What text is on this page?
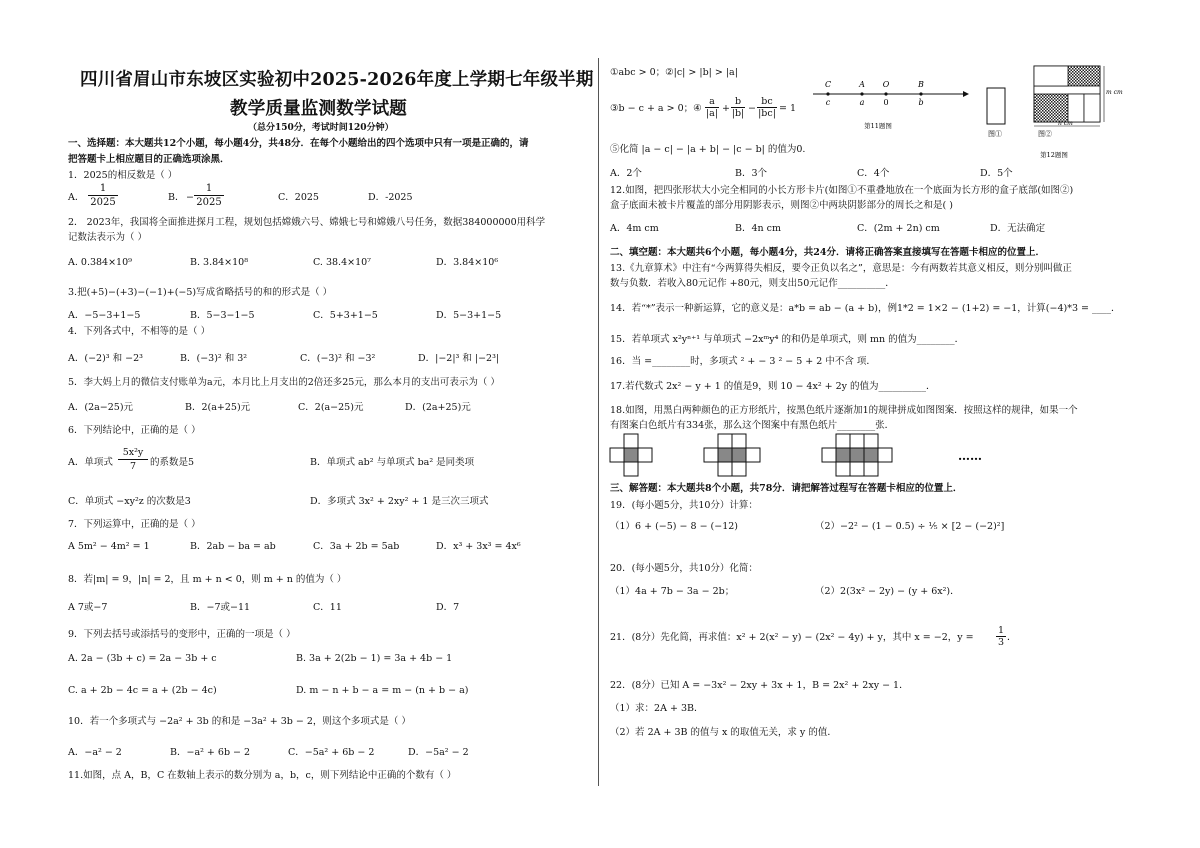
四川省眉山市东坡区实验初中2025-2026年度上学期七年级半期
教学质量监测数学试题
（总分150分，考试时间120分钟）
一、选择题：本大题共12个小题，每小题4分，共48分．在每个小题给出的四个选项中只有一项是正确的，请
把答题卡上相应题目的正确选项涂黑．
1．2025的相反数是（ ）
A． $\frac{1}{2025}$	B． − $\frac{1}{2025}$	C．2025	D．-2025
2． 2023年，我国将全面推进探月工程，规划包括嫦娥六号、嫦娥七号和嫦娥八号任务，数据384000000用科学
记数法表示为（ ）
A. 0.384×10⁹	B. 3.84×10⁸	C. 38.4×10⁷	D．3.84×10⁶
3.把(+5)−(+3)−(−1)+(−5)写成省略括号的和的形式是（ ）
A．−5−3+1−5	B．5−3−1−5	C．5+3+1−5	D．5−3+1−5
4．下列各式中，不相等的是（ ）
A．(−2)³ 和 −2³	B．(−3)² 和 3²	C．(−3)² 和 −3²	D．|−2|³ 和 |−2³|
5．李大妈上月的微信支付账单为a元，本月比上月支出的2倍还多25元，那么本月的支出可表示为（ ）
A．(2a−25)元	B．2(a+25)元	C．2(a−25)元	D．(2a+25)元
6．下列结论中，正确的是（ ）
A．单项式 $\frac{\text{5x²y}}{7}$ 的系数是5	B．单项式 ab² 与单项式 ba² 是同类项
C．单项式 −xy²z 的次数是3	D．多项式 3x² + 2xy² + 1 是三次三项式
7．下列运算中，正确的是（ ）
A 5m² − 4m² = 1	B．2ab − ba = ab	C．3a + 2b = 5ab	D．x³ + 3x³ = 4x⁶
8．若|m| = 9，|n| = 2，且 m + n < 0，则 m + n 的值为（ ）
A 7或−7	B．−7或−11	C．11	D．7
9．下列去括号或添括号的变形中，正确的一项是（ ）
A. 2a − (3b + c) = 2a − 3b + c	B. 3a + 2(2b − 1) = 3a + 4b − 1
C. a + 2b − 4c = a + (2b − 4c)	D. m − n + b − a = m − (n + b − a)
10．若一个多项式与 −2a² + 3b 的和是 −3a² + 3b − 2，则这个多项式是（ ）
A．−a² − 2	B．−a² + 6b − 2	C．−5a² + 6b − 2	D．−5a² − 2
11.如图，点 A，B，C 在数轴上表示的数分别为 a，b，c，则下列结论中正确的个数有（ ）
①abc > 0；②|c| > |b| > |a|
③b − c + a > 0；④ $\frac{a}{|a|} + \frac{b}{|b|} - \frac{bc}{|bc|} = 1$
⑤化简 |a − c| − |a + b| − |c − b| 的值为0.
A．2个	B．3个	C．4个	D．5个
C	A O	B
c	a 0	b
第11题图
图①
m cm
n cm
图②
第12题图
12.如图，把四张形状大小完全相同的小长方形卡片(如图①不重叠地放在一个底面为长方形的盒子底部(如图②)
盒子底面未被卡片覆盖的部分用阴影表示，则图②中两块阴影部分的周长之和是( )
A．4m cm	B．4n cm	C．(2m + 2n) cm	D．无法确定
二、填空题：本大题共6个小题，每小题4分，共24分．请将正确答案直接填写在答题卡相应的位置上．
13.《九章算术》中注有“今两算得失相反，要令正负以名之”，意思是：今有两数若其意义相反，则分别叫做正
数与负数．若收入80元记作 +80元，则支出50元记作__________．
14．若“*”表示一种新运算，它的意义是：a*b = ab − (a + b)，例1*2 = 1×2 − (1+2) = −1，计算(−4)*3 = ____．
15．若单项式 x²yⁿ⁺¹ 与单项式 −2xᵐy⁴ 的和仍是单项式，则 mn 的值为________．
16．当 =________时，多项式 ² + − 3 ² − 5 + 2 中不含 项．
17.若代数式 2x² − y + 1 的值是9，则 10 − 4x² + 2y 的值为__________．
18.如图，用黑白两种颜色的正方形纸片，按黑色纸片逐渐加1的规律拼成如图图案．按照这样的规律，如果一个
有图案白色纸片有334张，那么这个图案中有黑色纸片________张．
……
三、解答题：本大题共8个小题，共78分．请把解答过程写在答题卡相应的位置上．
19．(每小题5分，共10分）计算：
（1）6 + (−5) − 8 − (−12)	（2）−2² − (1 − 0.5) ÷ ⅕ × [2 − (−2)²]
20．(每小题5分，共10分）化简：
（1）4a + 7b − 3a − 2b；	（2）2(3x² − 2y) − (y + 6x²)．
21．(8分）先化简，再求值：x² + 2(x² − y) − (2x² − 4y) + y，其中 x = −2，$y = \frac{1}{3}$ ．
22．(8分）已知 A = −3x² − 2xy + 3x + 1，B = 2x² + 2xy − 1．
（1）求：2A + 3B．
（2）若 2A + 3B 的值与 x 的取值无关，求 y 的值．
